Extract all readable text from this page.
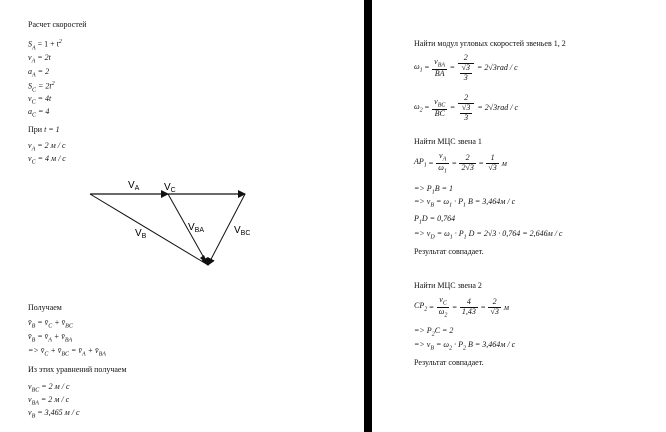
Расчет скоростей
$S_A = 1 + t^2$
$v_A = 2t$
$a_A = 2$
$S_C = 2t^2$
$v_C = 4t$
$a_C = 4$
При t = 1
$v_A = 2$ м / с
$v_C = 4$ м / с
$V_A$ $V_C$
$V_B$
$V_{BA}$	$V_{BC}$
Получаем
$v̄_B$ = $v̄_C$ + $v̄_{BC}$
$v̄_B$ = $v̄_A$ + $v̄_{BA}$
=> $v̄_C$ + $v̄_{BC}$ = $v̄_A$ + $v̄_{BA}$
Из этих уравнений получаем
$v_{BC} = 2$ м / с
$v_{BA} = 2$ м / с
$v_B = 3,465$ м / с
Найти модул угловых скоростей звеньев 1, 2
$\omega_1 = \frac{v_{BA}}{BA} = \frac{2}{\frac{√3}{3}} = 2√3rad / c$
$\omega_2 = \frac{v_{BC}}{BC} = \frac{2}{\frac{√3}{3}} = 2√3rad / c$
Найти МЦС звена 1
$AP_1 = \frac{v_A}{\omega_1} = \frac{2}{2√3} = \frac{1}{√3}$ м
=> $P_1B = 1$
=> $v_B = \omega_1 \cdot P_1$ B = 3,464м / с
$P_1D = 0,764$
=> $v_D = \omega_1 \cdot P_1$ D = 2√3 · 0,764 = 2,646м / с
Результат совпадает.
Найти МЦС звена 2
$CP_2 = \frac{v_C}{\omega_2} = \frac{4}{1,43} = \frac{2}{√3}$ м
=> $P_2C = 2$
=> $v_B = \omega_2 \cdot P_2$ B = 3,464м / с
Результат совпадает.
